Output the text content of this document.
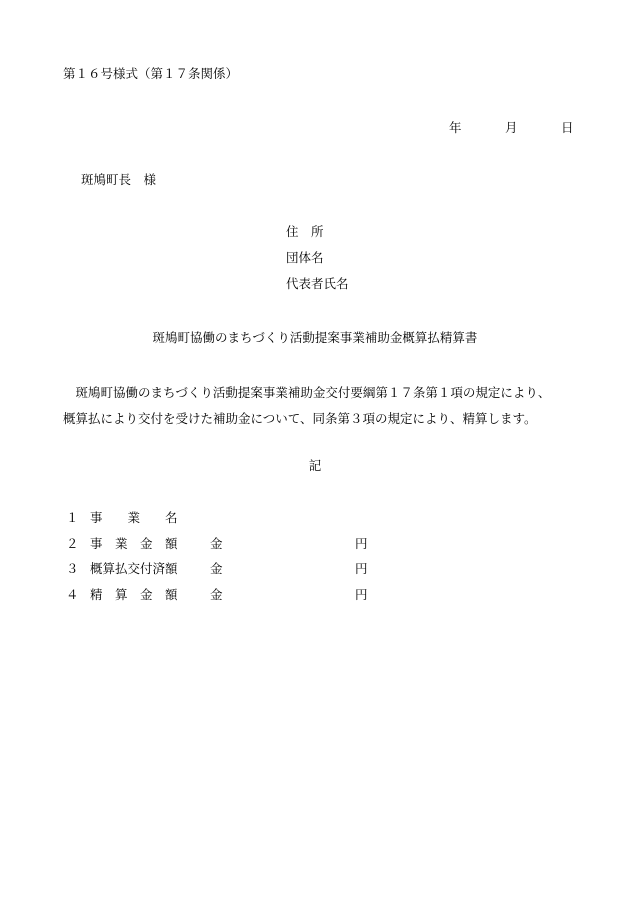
第１６号様式（第１７条関係）
年	月	日
斑鳩町長　様
住　所
団体名
代表者氏名
斑鳩町協働のまちづくり活動提案事業補助金概算払精算書

斑鳩町協働のまちづくり活動提案事業補助金交付要綱第１７条第１項の規定により、

概算払により交付を受けた補助金について、同条第３項の規定により、精算します。

記
１ 事　　業　　名
２ 事　業　金　額	金	円
３ 概算払交付済額	金	円
４ 精　算　金　額	金	円
